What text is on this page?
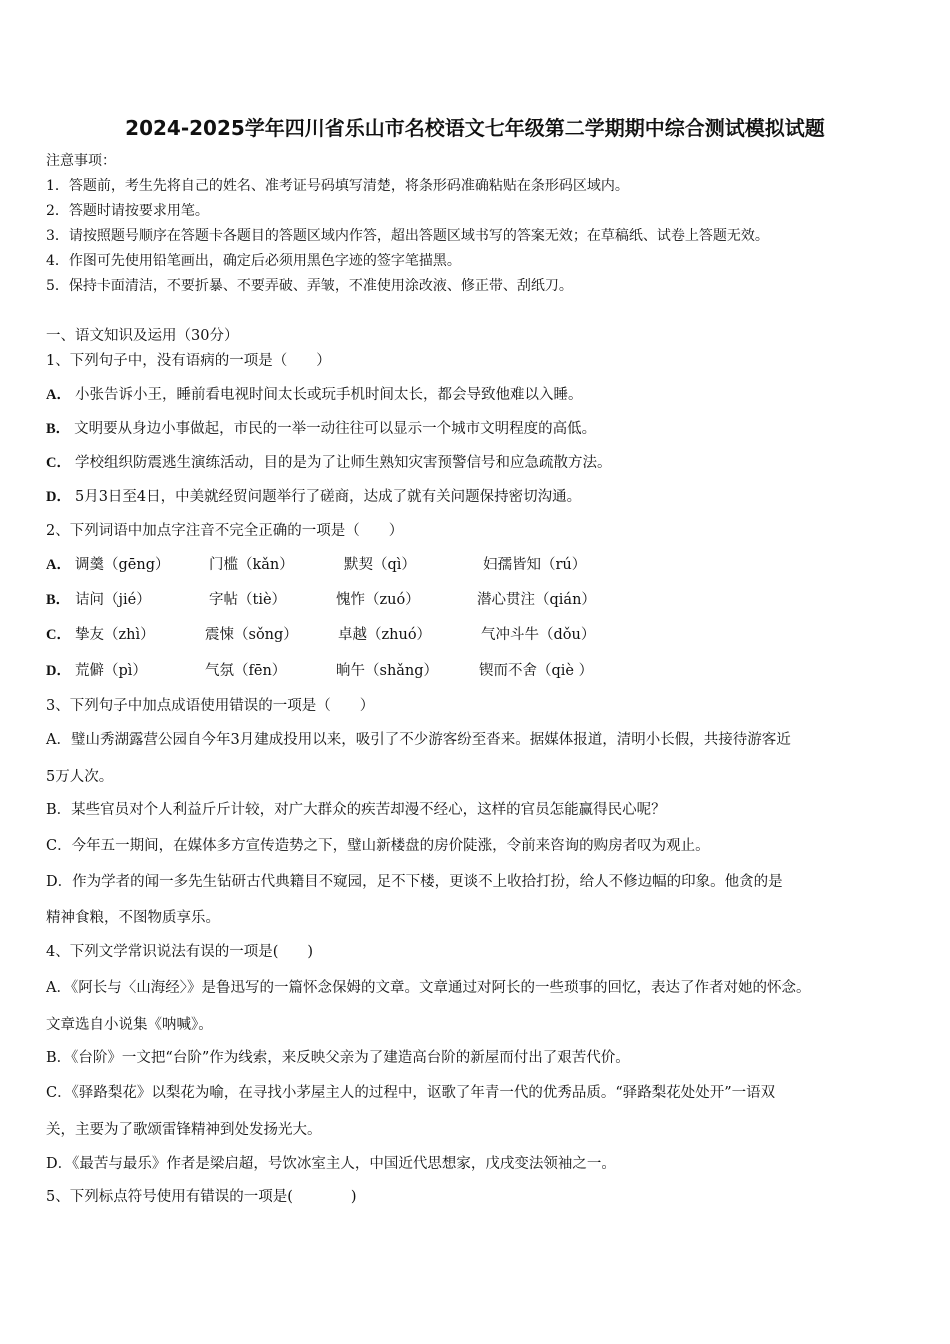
2024-2025学年四川省乐山市名校语文七年级第二学期期中综合测试模拟试题
注意事项：
1．答题前，考生先将自己的姓名、准考证号码填写清楚，将条形码准确粘贴在条形码区域内。
2．答题时请按要求用笔。
3．请按照题号顺序在答题卡各题目的答题区域内作答，超出答题区域书写的答案无效；在草稿纸、试卷上答题无效。
4．作图可先使用铅笔画出，确定后必须用黑色字迹的签字笔描黑。
5．保持卡面清洁，不要折暴、不要弄破、弄皱，不准使用涂改液、修正带、刮纸刀。
一、语文知识及运用（30分）
1、下列句子中，没有语病的一项是（　　）
A． 小张告诉小王，睡前看电视时间太长或玩手机时间太长，都会导致他难以入睡。
B． 文明要从身边小事做起，市民的一举一动往往可以显示一个城市文明程度的高低。
C． 学校组织防震逃生演练活动，目的是为了让师生熟知灾害预警信号和应急疏散方法。
D． 5月3日至4日，中美就经贸问题举行了磋商，达成了就有关问题保持密切沟通。
2、下列词语中加点字注音不完全正确的一项是（　　）
A． 调羹（gēng）	门槛（kǎn）	默契（qì）	妇孺皆知（rú）
B． 诘问（jié）	字帖（tiè）	愧怍（zuó）	潜心贯注（qián）
C． 挚友（zhì）	震悚（sǒng）	卓越（zhuó）	气冲斗牛（dǒu）
D． 荒僻（pì）	气氛（fēn）	晌午（shǎng）	锲而不舍（qiè ）
3、下列句子中加点成语使用错误的一项是（　　）
A．璧山秀湖露营公园自今年3月建成投用以来，吸引了不少游客纷至沓来。据媒体报道，清明小长假，共接待游客近
5万人次。
B．某些官员对个人利益斤斤计较，对广大群众的疾苦却漫不经心，这样的官员怎能赢得民心呢？
C．今年五一期间，在媒体多方宣传造势之下，璧山新楼盘的房价陡涨，令前来咨询的购房者叹为观止。
D．作为学者的闻一多先生钻研古代典籍目不窥园，足不下楼，更谈不上收拾打扮，给人不修边幅的印象。他贪的是
精神食粮，不图物质享乐。
4、下列文学常识说法有误的一项是(　　)
A．《阿长与〈山海经〉》是鲁迅写的一篇怀念保姆的文章。文章通过对阿长的一些琐事的回忆，表达了作者对她的怀念。
文章选自小说集《呐喊》。
B．《台阶》一文把“台阶”作为线索，来反映父亲为了建造高台阶的新屋而付出了艰苦代价。
C．《驿路梨花》以梨花为喻，在寻找小茅屋主人的过程中，讴歌了年青一代的优秀品质。“驿路梨花处处开”一语双
关，主要为了歌颂雷锋精神到处发扬光大。
D．《最苦与最乐》作者是梁启超，号饮冰室主人，中国近代思想家，戊戌变法领袖之一。
5、下列标点符号使用有错误的一项是(　　　　)
